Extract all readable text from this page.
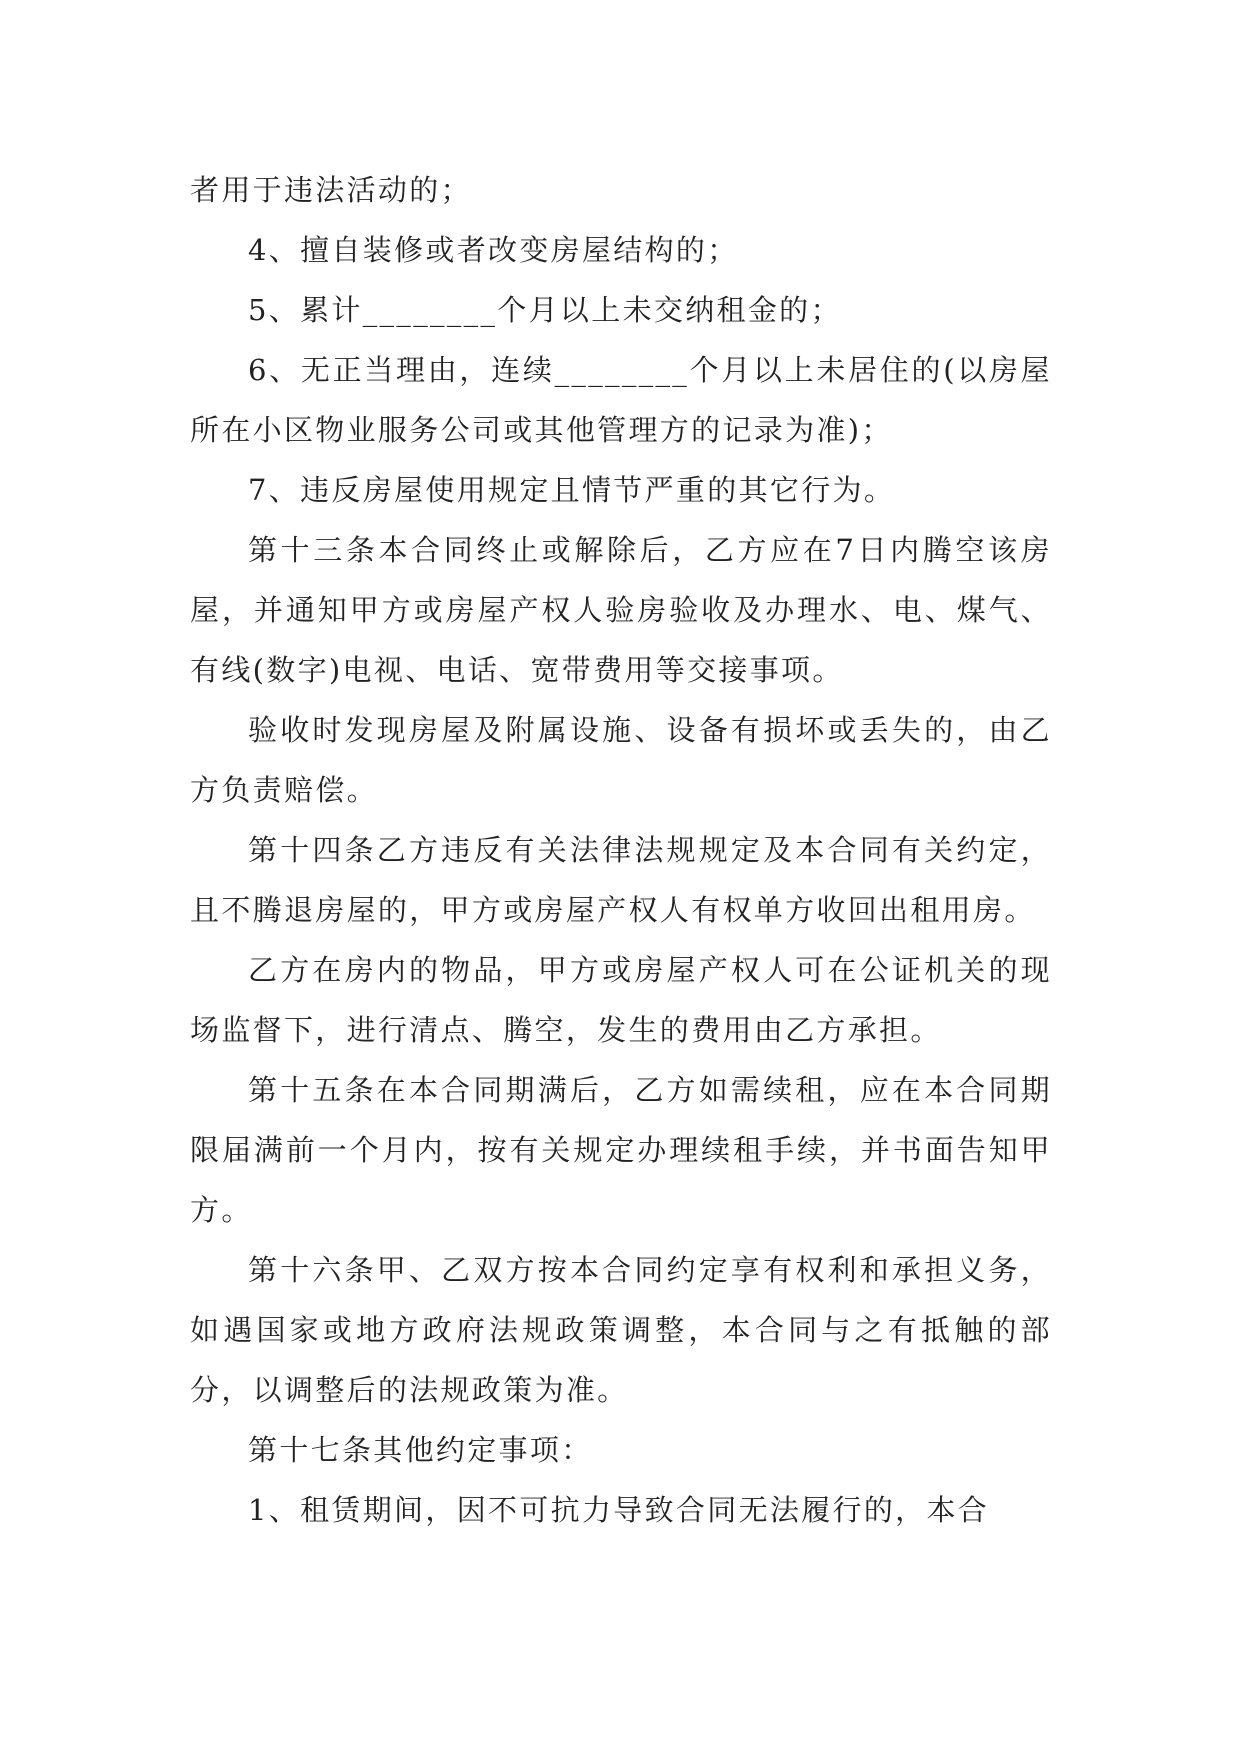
者用于违法活动的；

4、擅自装修或者改变房屋结构的；

5、累计________个月以上未交纳租金的；

6、无正当理由，连续________个月以上未居住的(以房屋所在小区物业服务公司或其他管理方的记录为准)；

7、违反房屋使用规定且情节严重的其它行为。

第十三条本合同终止或解除后，乙方应在7日内腾空该房屋，并通知甲方或房屋产权人验房验收及办理水、电、煤气、有线(数字)电视、电话、宽带费用等交接事项。

验收时发现房屋及附属设施、设备有损坏或丢失的，由乙方负责赔偿。

第十四条乙方违反有关法律法规规定及本合同有关约定，且不腾退房屋的，甲方或房屋产权人有权单方收回出租用房。

乙方在房内的物品，甲方或房屋产权人可在公证机关的现场监督下，进行清点、腾空，发生的费用由乙方承担。

第十五条在本合同期满后，乙方如需续租，应在本合同期限届满前一个月内，按有关规定办理续租手续，并书面告知甲方。

第十六条甲、乙双方按本合同约定享有权利和承担义务，如遇国家或地方政府法规政策调整，本合同与之有抵触的部分，以调整后的法规政策为准。

第十七条其他约定事项：

1、租赁期间，因不可抗力导致合同无法履行的，本合
